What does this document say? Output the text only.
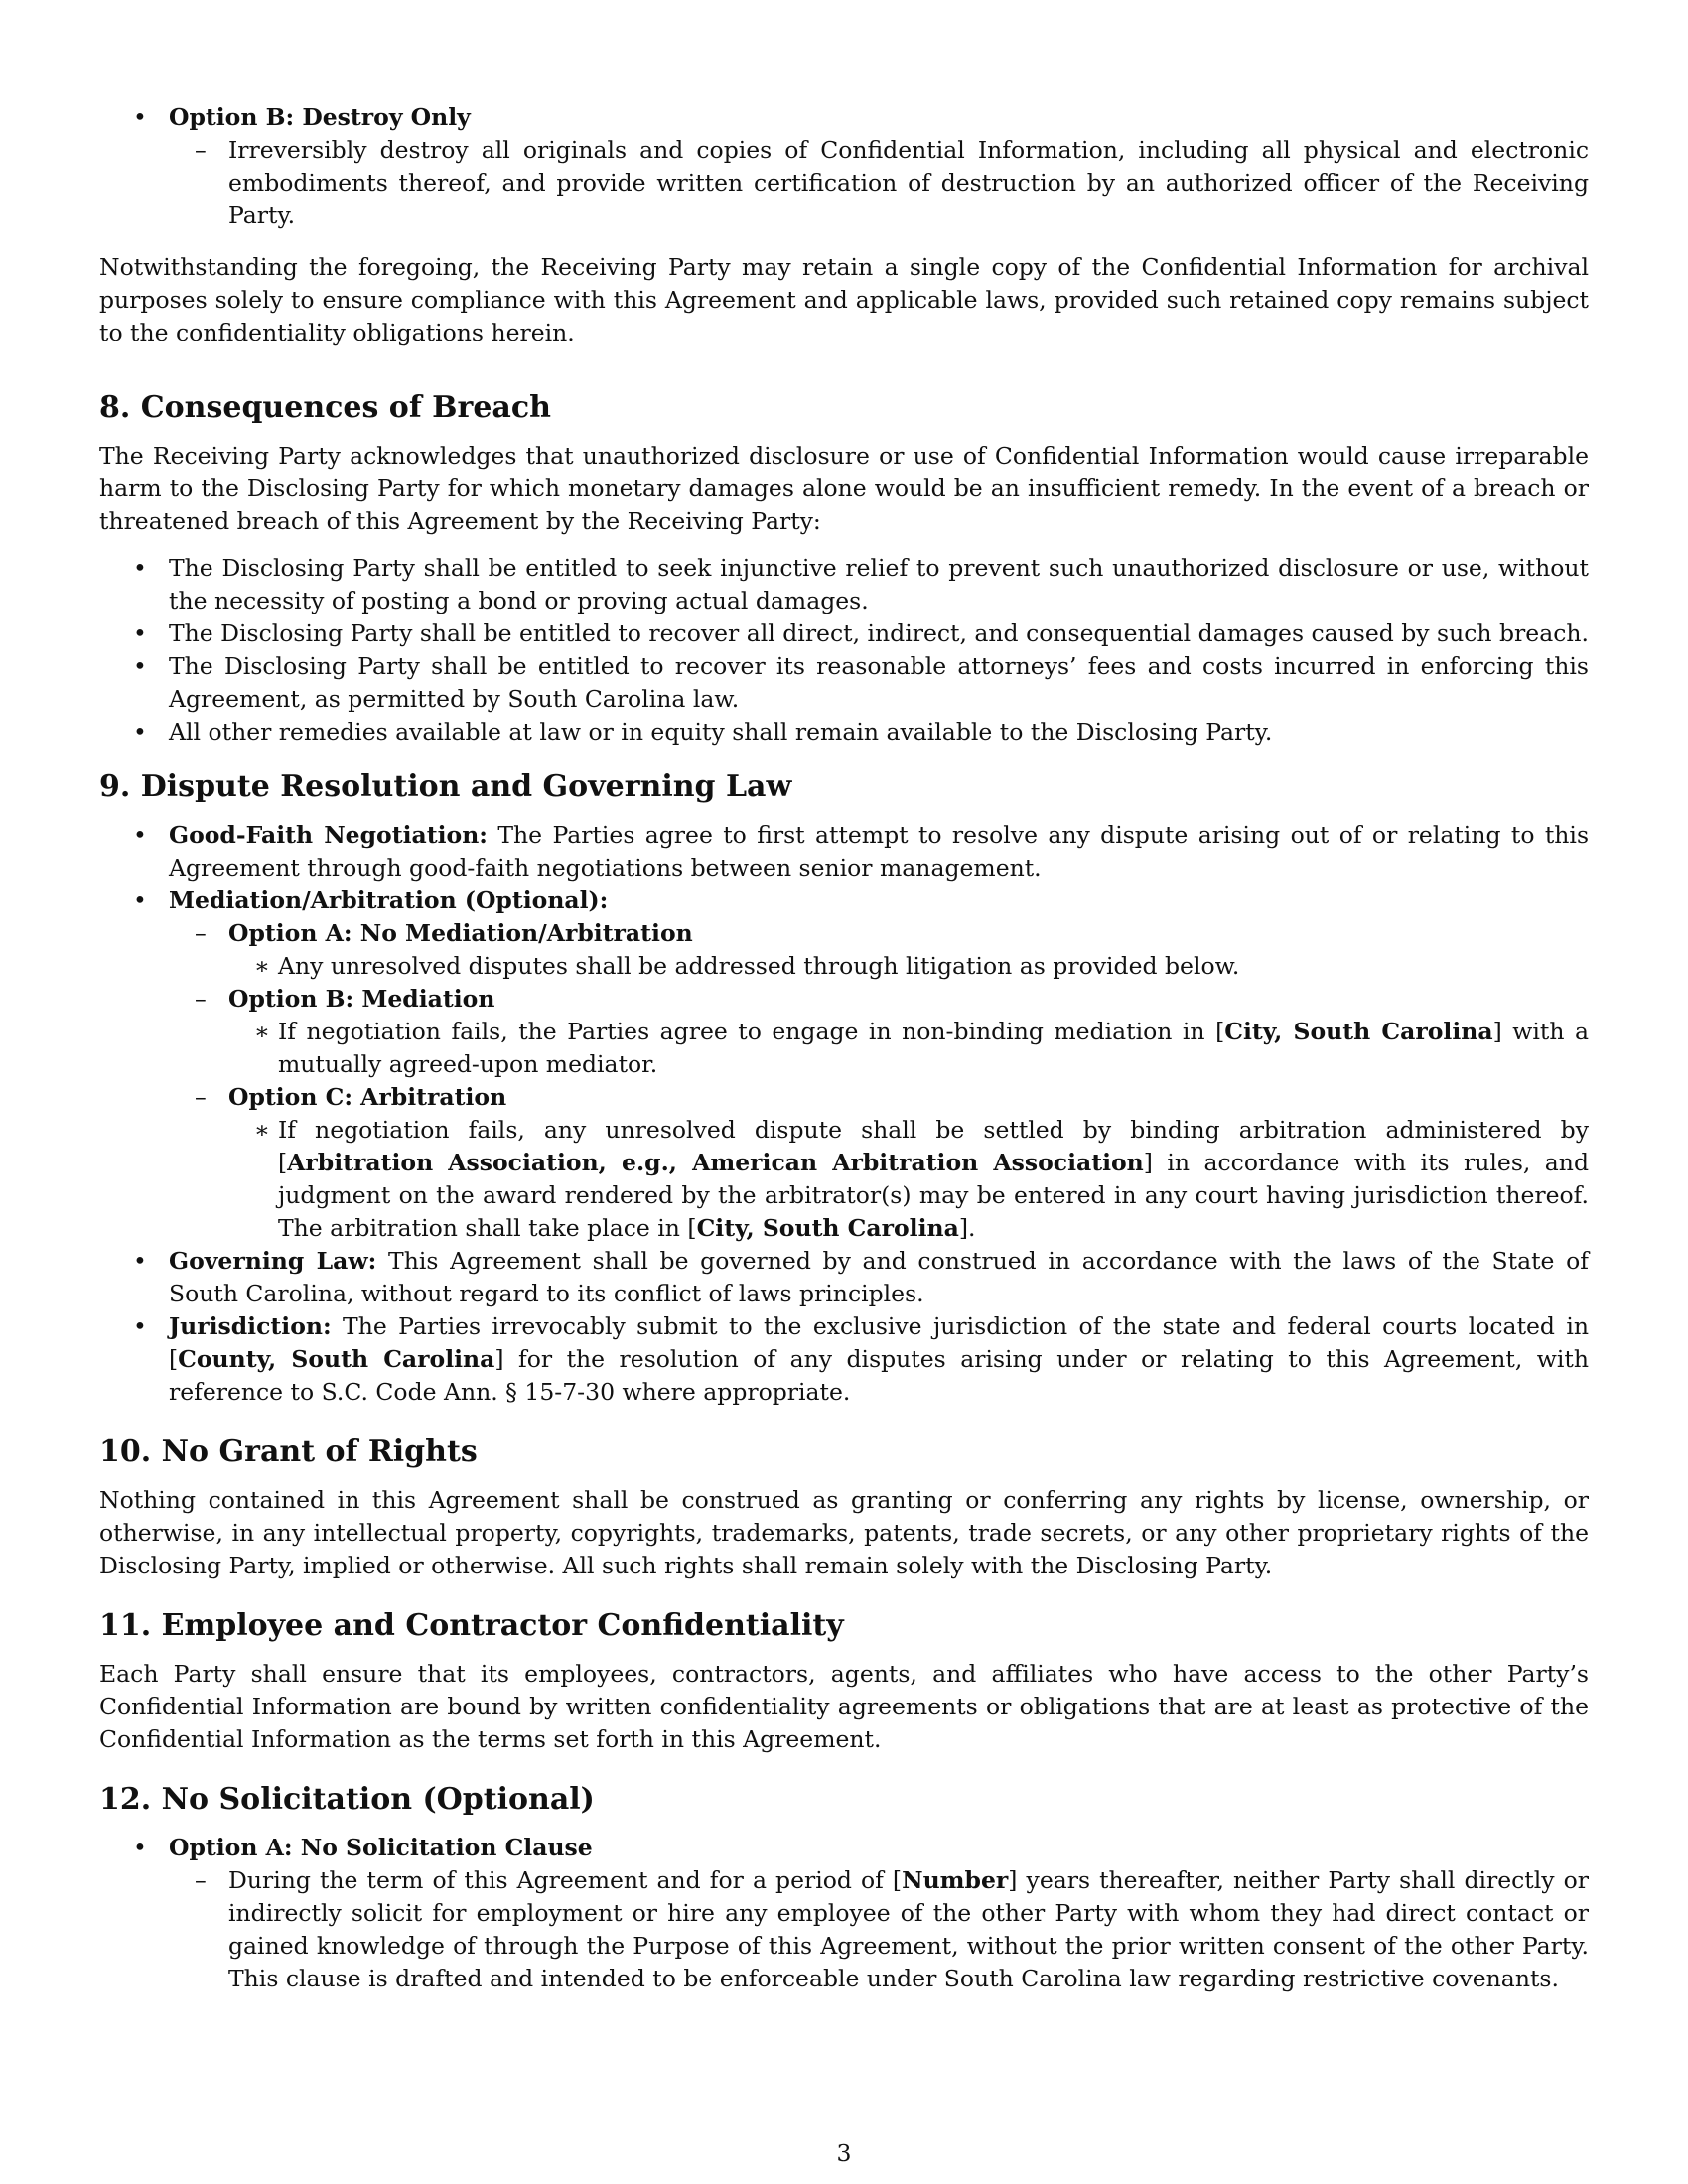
• Option B: Destroy Only
– Irreversibly destroy all originals and copies of Confidential Information, including all physical and electronic embodiments thereof, and provide written certification of destruction by an authorized officer of the Receiving Party.

Notwithstanding the foregoing, the Receiving Party may retain a single copy of the Confidential Information for archival purposes solely to ensure compliance with this Agreement and applicable laws, provided such retained copy remains subject to the confidentiality obligations herein.

8. Consequences of Breach

The Receiving Party acknowledges that unauthorized disclosure or use of Confidential Information would cause irreparable harm to the Disclosing Party for which monetary damages alone would be an insufficient remedy. In the event of a breach or threatened breach of this Agreement by the Receiving Party:

• The Disclosing Party shall be entitled to seek injunctive relief to prevent such unauthorized disclosure or use, without the necessity of posting a bond or proving actual damages.
• The Disclosing Party shall be entitled to recover all direct, indirect, and consequential damages caused by such breach.
• The Disclosing Party shall be entitled to recover its reasonable attorneys’ fees and costs incurred in enforcing this Agreement, as permitted by South Carolina law.
• All other remedies available at law or in equity shall remain available to the Disclosing Party.
9. Dispute Resolution and Governing Law
• Good-Faith Negotiation: The Parties agree to first attempt to resolve any dispute arising out of or relating to this Agreement through good-faith negotiations between senior management.
• Mediation/Arbitration (Optional):
– Option A: No Mediation/Arbitration
∗ Any unresolved disputes shall be addressed through litigation as provided below.
– Option B: Mediation
∗ If negotiation fails, the Parties agree to engage in non-binding mediation in [City, South Carolina] with a mutually agreed-upon mediator.
– Option C: Arbitration
∗ If negotiation fails, any unresolved dispute shall be settled by binding arbitration administered by [Arbitration Association, e.g., American Arbitration Association] in accordance with its rules, and judgment on the award rendered by the arbitrator(s) may be entered in any court having jurisdiction thereof. The arbitration shall take place in [City, South Carolina].
• Governing Law: This Agreement shall be governed by and construed in accordance with the laws of the State of South Carolina, without regard to its conflict of laws principles.
• Jurisdiction: The Parties irrevocably submit to the exclusive jurisdiction of the state and federal courts located in [County, South Carolina] for the resolution of any disputes arising under or relating to this Agreement, with reference to S.C. Code Ann. § 15-7-30 where appropriate.
10. No Grant of Rights

Nothing contained in this Agreement shall be construed as granting or conferring any rights by license, ownership, or otherwise, in any intellectual property, copyrights, trademarks, patents, trade secrets, or any other proprietary rights of the Disclosing Party, implied or otherwise. All such rights shall remain solely with the Disclosing Party.

11. Employee and Contractor Confidentiality

Each Party shall ensure that its employees, contractors, agents, and affiliates who have access to the other Party’s Confidential Information are bound by written confidentiality agreements or obligations that are at least as protective of the Confidential Information as the terms set forth in this Agreement.

12. No Solicitation (Optional)
• Option A: No Solicitation Clause
– During the term of this Agreement and for a period of [Number] years thereafter, neither Party shall directly or indirectly solicit for employment or hire any employee of the other Party with whom they had direct contact or gained knowledge of through the Purpose of this Agreement, without the prior written consent of the other Party. This clause is drafted and intended to be enforceable under South Carolina law regarding restrictive covenants.
3
